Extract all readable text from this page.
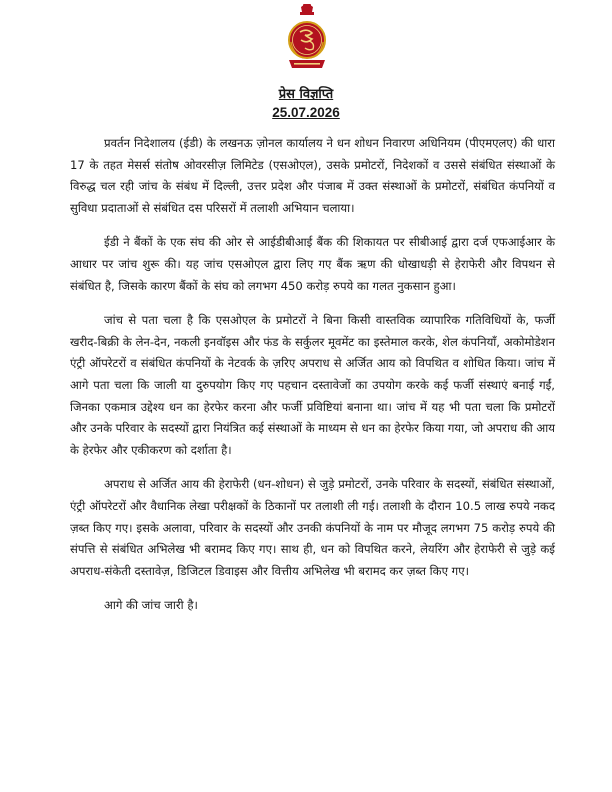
प्रेस विज्ञप्ति
25.07.2026

प्रवर्तन निदेशालय (ईडी) के लखनऊ ज़ोनल कार्यालय ने धन शोधन निवारण अधिनियम (पीएमएलए) की धारा 17 के तहत मेसर्स संतोष ओवरसीज़ लिमिटेड (एसओएल), उसके प्रमोटरों, निदेशकों व उससे संबंधित संस्थाओं के विरुद्ध चल रही जांच के संबंध में दिल्ली, उत्तर प्रदेश और पंजाब में उक्त संस्थाओं के प्रमोटरों, संबंधित कंपनियों व सुविधा प्रदाताओं से संबंधित दस परिसरों में तलाशी अभियान चलाया।

ईडी ने बैंकों के एक संघ की ओर से आईडीबीआई बैंक की शिकायत पर सीबीआई द्वारा दर्ज एफआईआर के आधार पर जांच शुरू की। यह जांच एसओएल द्वारा लिए गए बैंक ऋण की धोखाधड़ी से हेराफेरी और विपथन से संबंधित है, जिसके कारण बैंकों के संघ को लगभग 450 करोड़ रुपये का गलत नुकसान हुआ।

जांच से पता चला है कि एसओएल के प्रमोटरों ने बिना किसी वास्तविक व्यापारिक गतिविधियों के, फर्जी खरीद-बिक्री के लेन-देन, नकली इनवॉइस और फंड के सर्कुलर मूवमेंट का इस्तेमाल करके, शेल कंपनियाँ, अकोमोडेशन एंट्री ऑपरेटरों व संबंधित कंपनियों के नेटवर्क के ज़रिए अपराध से अर्जित आय को विपथित व शोधित किया। जांच में आगे पता चला कि जाली या दुरुपयोग किए गए पहचान दस्तावेजों का उपयोग करके कई फर्जी संस्थाएं बनाई गईं, जिनका एकमात्र उद्देश्य धन का हेरफेर करना और फर्जी प्रविष्टियां बनाना था। जांच में यह भी पता चला कि प्रमोटरों और उनके परिवार के सदस्यों द्वारा नियंत्रित कई संस्थाओं के माध्यम से धन का हेरफेर किया गया, जो अपराध की आय के हेरफेर और एकीकरण को दर्शाता है।

अपराध से अर्जित आय की हेराफेरी (धन-शोधन) से जुड़े प्रमोटरों, उनके परिवार के सदस्यों, संबंधित संस्थाओं, एंट्री ऑपरेटरों और वैधानिक लेखा परीक्षकों के ठिकानों पर तलाशी ली गई। तलाशी के दौरान 10.5 लाख रुपये नकद ज़ब्त किए गए। इसके अलावा, परिवार के सदस्यों और उनकी कंपनियों के नाम पर मौजूद लगभग 75 करोड़ रुपये की संपत्ति से संबंधित अभिलेख भी बरामद किए गए। साथ ही, धन को विपथित करने, लेयरिंग और हेराफेरी से जुड़े कई अपराध-संकेती दस्तावेज़, डिजिटल डिवाइस और वित्तीय अभिलेख भी बरामद कर ज़ब्त किए गए।

आगे की जांच जारी है।
